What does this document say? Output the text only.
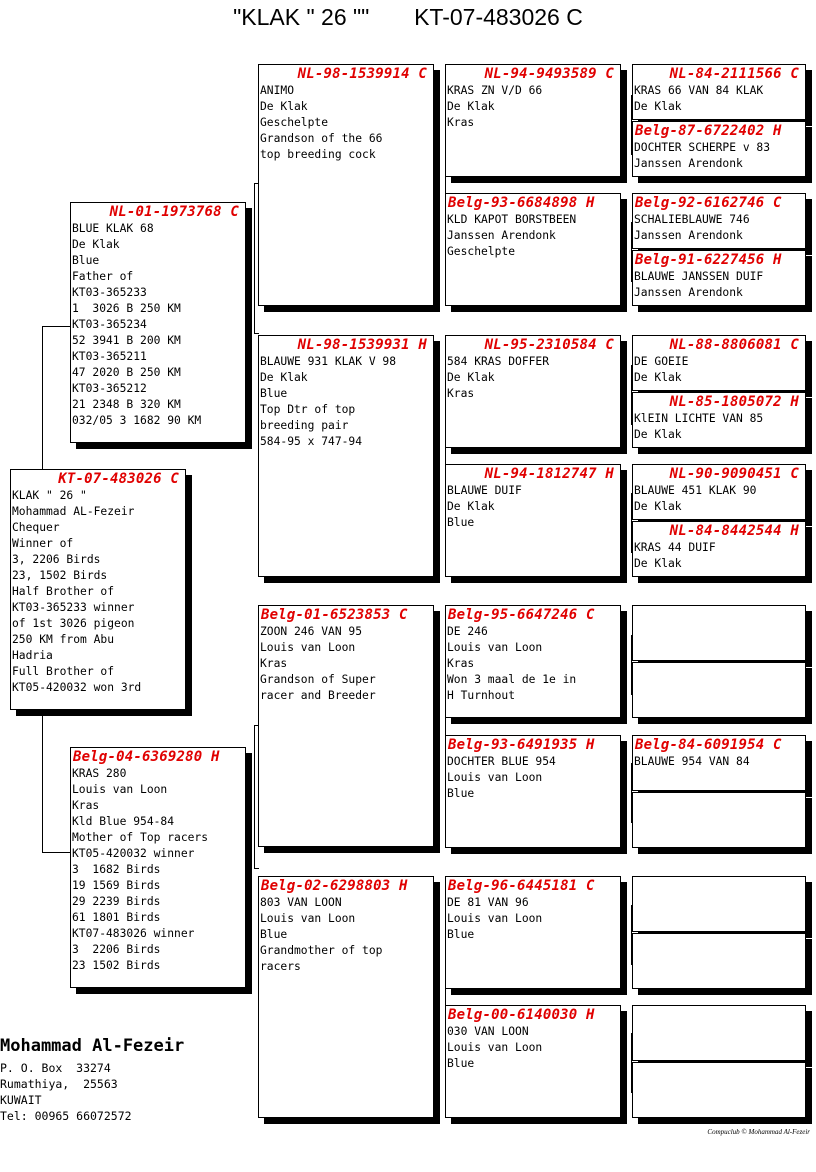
"KLAK " 26 ""       KT-07-483026 C
KT-07-483026 C
KLAK " 26 "
Mohammad AL-Fezeir
Chequer
Winner of
3, 2206 Birds
23, 1502 Birds
Half Brother of
KT03-365233 winner
of 1st 3026 pigeon
250 KM from Abu
Hadria
Full Brother of
KT05-420032 won 3rd
NL-01-1973768 C
BLUE KLAK 68
De Klak
Blue
Father of
KT03-365233
1  3026 B 250 KM
KT03-365234
52 3941 B 200 KM
KT03-365211
47 2020 B 250 KM
KT03-365212
21 2348 B 320 KM
032/05 3 1682 90 KM
Belg-04-6369280 H
KRAS 280
Louis van Loon
Kras
Kld Blue 954-84
Mother of Top racers
KT05-420032 winner
3  1682 Birds
19 1569 Birds
29 2239 Birds
61 1801 Birds
KT07-483026 winner
3  2206 Birds
23 1502 Birds
NL-98-1539914 C
ANIMO
De Klak
Geschelpte
Grandson of the 66
top breeding cock
NL-98-1539931 H
BLAUWE 931 KLAK V 98
De Klak
Blue
Top Dtr of top
breeding pair
584-95 x 747-94
Belg-01-6523853 C
ZOON 246 VAN 95
Louis van Loon
Kras
Grandson of Super
racer and Breeder
Belg-02-6298803 H
803 VAN LOON
Louis van Loon
Blue
Grandmother of top
racers
NL-94-9493589 C
KRAS ZN V/D 66
De Klak
Kras
Belg-93-6684898 H
KLD KAPOT BORSTBEEN
Janssen Arendonk
Geschelpte
NL-95-2310584 C
584 KRAS DOFFER
De Klak
Kras
NL-94-1812747 H
BLAUWE DUIF
De Klak
Blue
Belg-95-6647246 C
DE 246
Louis van Loon
Kras
Won 3 maal de 1e in
H Turnhout
Belg-93-6491935 H
DOCHTER BLUE 954
Louis van Loon
Blue
Belg-96-6445181 C
DE 81 VAN 96
Louis van Loon
Blue
Belg-00-6140030 H
030 VAN LOON
Louis van Loon
Blue
NL-84-2111566 C
KRAS 66 VAN 84 KLAK
De Klak
Belg-87-6722402 H
DOCHTER SCHERPE v 83
Janssen Arendonk
Belg-92-6162746 C
SCHALIEBLAUWE 746
Janssen Arendonk
Belg-91-6227456 H
BLAUWE JANSSEN DUIF
Janssen Arendonk
NL-88-8806081 C
DE GOEIE
De Klak
NL-85-1805072 H
KlEIN LICHTE VAN 85
De Klak
NL-90-9090451 C
BLAUWE 451 KLAK 90
De Klak
NL-84-8442544 H
KRAS 44 DUIF
De Klak
Belg-84-6091954 C
BLAUWE 954 VAN 84
Mohammad Al-Fezeir
P. O. Box  33274
Rumathiya,  25563
KUWAIT
Tel: 00965 66072572
Compuclub © Mohammad Al-Fezeir
